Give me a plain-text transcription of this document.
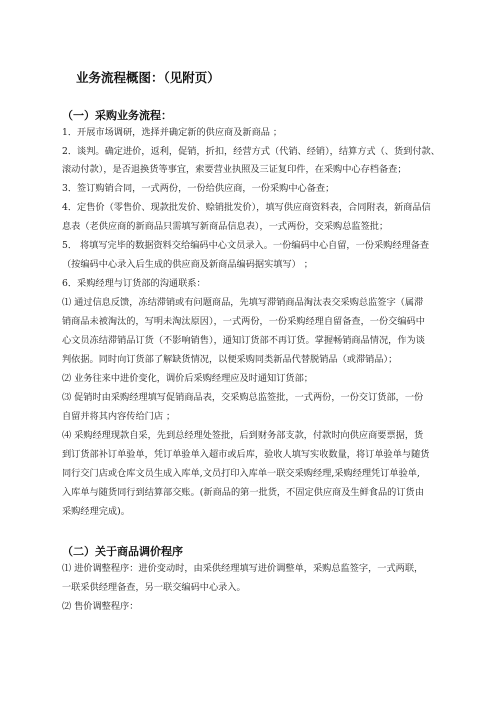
业务流程概图：（见附页）
（一）采购业务流程：
1．开展市场调研，选择并确定新的供应商及新商品 ；
2．谈判。确定进价，返利，促销，折扣，经营方式（代销、经销），结算方式（、货到付款、
滚动付款），是否退换货等事宜，索要营业执照及三证复印件，在采购中心存档备查；
3．签订购销合同，一式两份，一份给供应商，一份采购中心备查；
4．定售价（零售价、现款批发价、赊销批发价），填写供应商资料表，合同附表，新商品信
息表（老供应商的新商品只需填写新商品信息表），一式两份，交采购总监签批；
5． 将填写完毕的数据资料交给编码中心文员录入。一份编码中心自留，一份采购经理备查
（按编码中心录入后生成的供应商及新商品编码据实填写） ；
6．采购经理与订货部的沟通联系：
⑴ 通过信息反馈，冻结滞销或有问题商品，先填写滞销商品淘汰表交采购总监签字（属滞
销商品未被淘汰的，写明未淘汰原因），一式两份，一份采购经理自留备查，一份交编码中
心文员冻结滞销品订货（不影响销售），通知订货部不再订货。掌握畅销商品情况，作为谈
判依据。同时向订货部了解缺货情况，以便采购同类新品代替脱销品（或滞销品）；
⑵ 业务往来中进价变化，调价后采购经理应及时通知订货部；
⑶ 促销时由采购经理填写促销商品表，交采购总监签批，一式两份，一份交订货部，一份
自留并将其内容传给门店 ；
⑷ 采购经理现款自采，先到总经理处签批，后到财务部支款，付款时向供应商要票据，货
到订货部补订单验单，凭订单验单入超市或后库，验收人填写实收数量，将订单验单与随货
同行交门店或仓库文员生成入库单,文员打印入库单一联交采购经理,采购经理凭订单验单,
入库单与随货同行到结算部交账。(新商品的第一批货，不固定供应商及生鲜食品的订货由
采购经理完成)。
（二）关于商品调价程序
⑴ 进价调整程序：进价变动时，由采供经理填写进价调整单，采购总监签字，一式两联，
一联采供经理备查，另一联交编码中心录入。
⑵ 售价调整程序：
